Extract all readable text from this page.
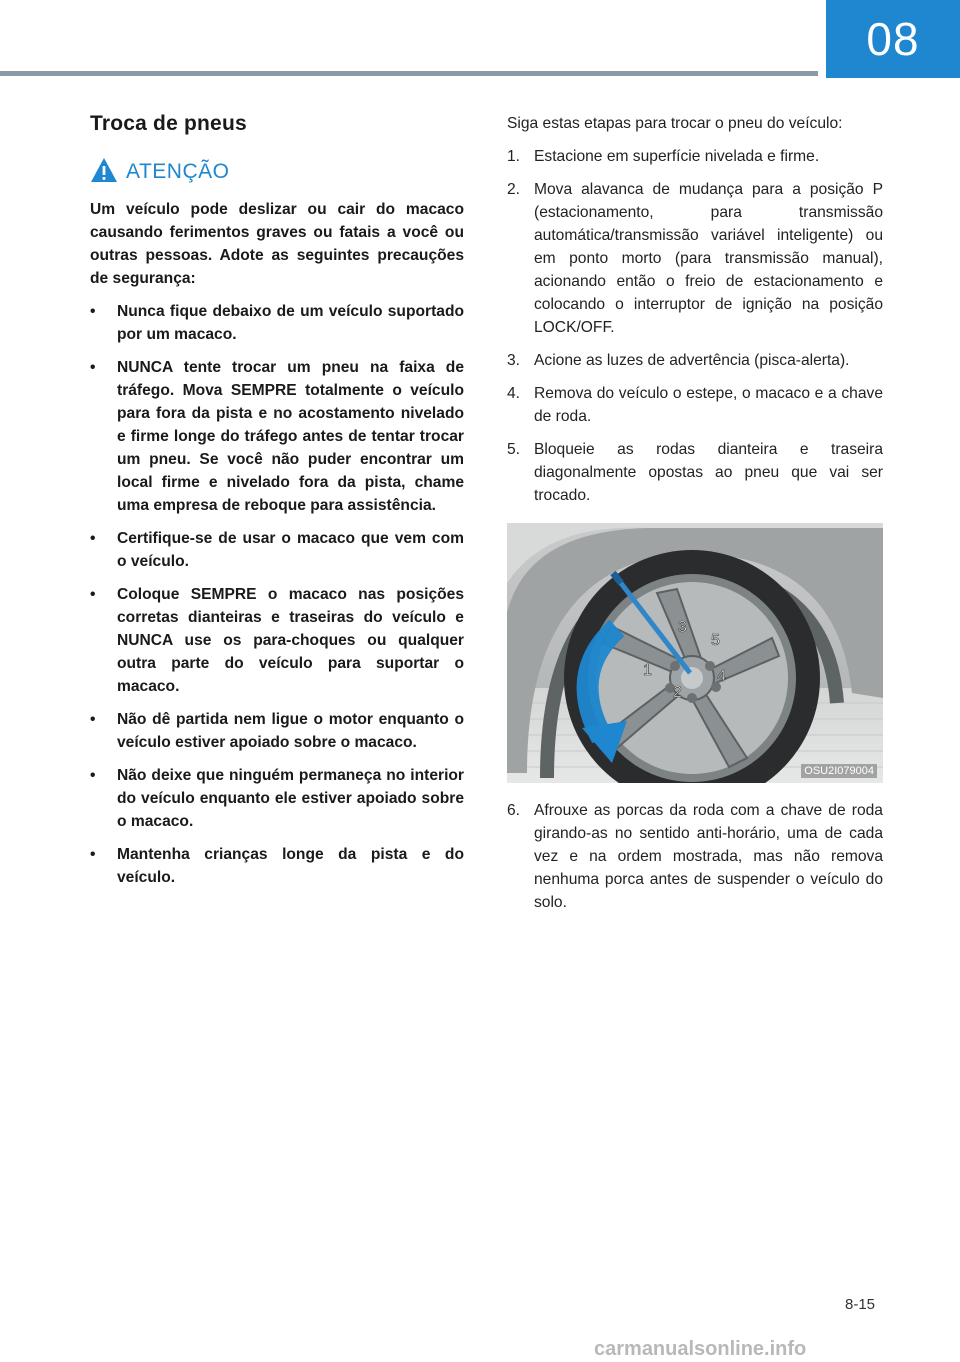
08
Troca de pneus
ATENÇÃO

Um veículo pode deslizar ou cair do macaco causando ferimentos graves ou fatais a você ou outras pessoas. Adote as seguintes precauções de segurança:

• Nunca fique debaixo de um veículo suportado por um macaco.
• NUNCA tente trocar um pneu na faixa de tráfego. Mova SEMPRE totalmente o veículo para fora da pista e no acostamento nivelado e firme longe do tráfego antes de tentar trocar um pneu. Se você não puder encontrar um local firme e nivelado fora da pista, chame uma empresa de reboque para assistência.
• Certifique-se de usar o macaco que vem com o veículo.
• Coloque SEMPRE o macaco nas posições corretas dianteiras e traseiras do veículo e NUNCA use os para-choques ou qualquer outra parte do veículo para suportar o macaco.
• Não dê partida nem ligue o motor enquanto o veículo estiver apoiado sobre o macaco.
• Não deixe que ninguém permaneça no interior do veículo enquanto ele estiver apoiado sobre o macaco.
• Mantenha crianças longe da pista e do veículo.

Siga estas etapas para trocar o pneu do veículo:

1. Estacione em superfície nivelada e firme.
2. Mova alavanca de mudança para a posição P (estacionamento, para transmissão automática/transmissão variável inteligente) ou em ponto morto (para transmissão manual), acionando então o freio de estacionamento e colocando o interruptor de ignição na posição LOCK/OFF.
3. Acione as luzes de advertência (pisca-alerta).
4. Remova do veículo o estepe, o macaco e a chave de roda.
5. Bloqueie as rodas dianteira e traseira diagonalmente opostas ao pneu que vai ser trocado.
1
2
3
4
5
OSU2I079004
6. Afrouxe as porcas da roda com a chave de roda girando-as no sentido anti-horário, uma de cada vez e na ordem mostrada, mas não remova nenhuma porca antes de suspender o veículo do solo.
8-15
carmanualsonline.info
